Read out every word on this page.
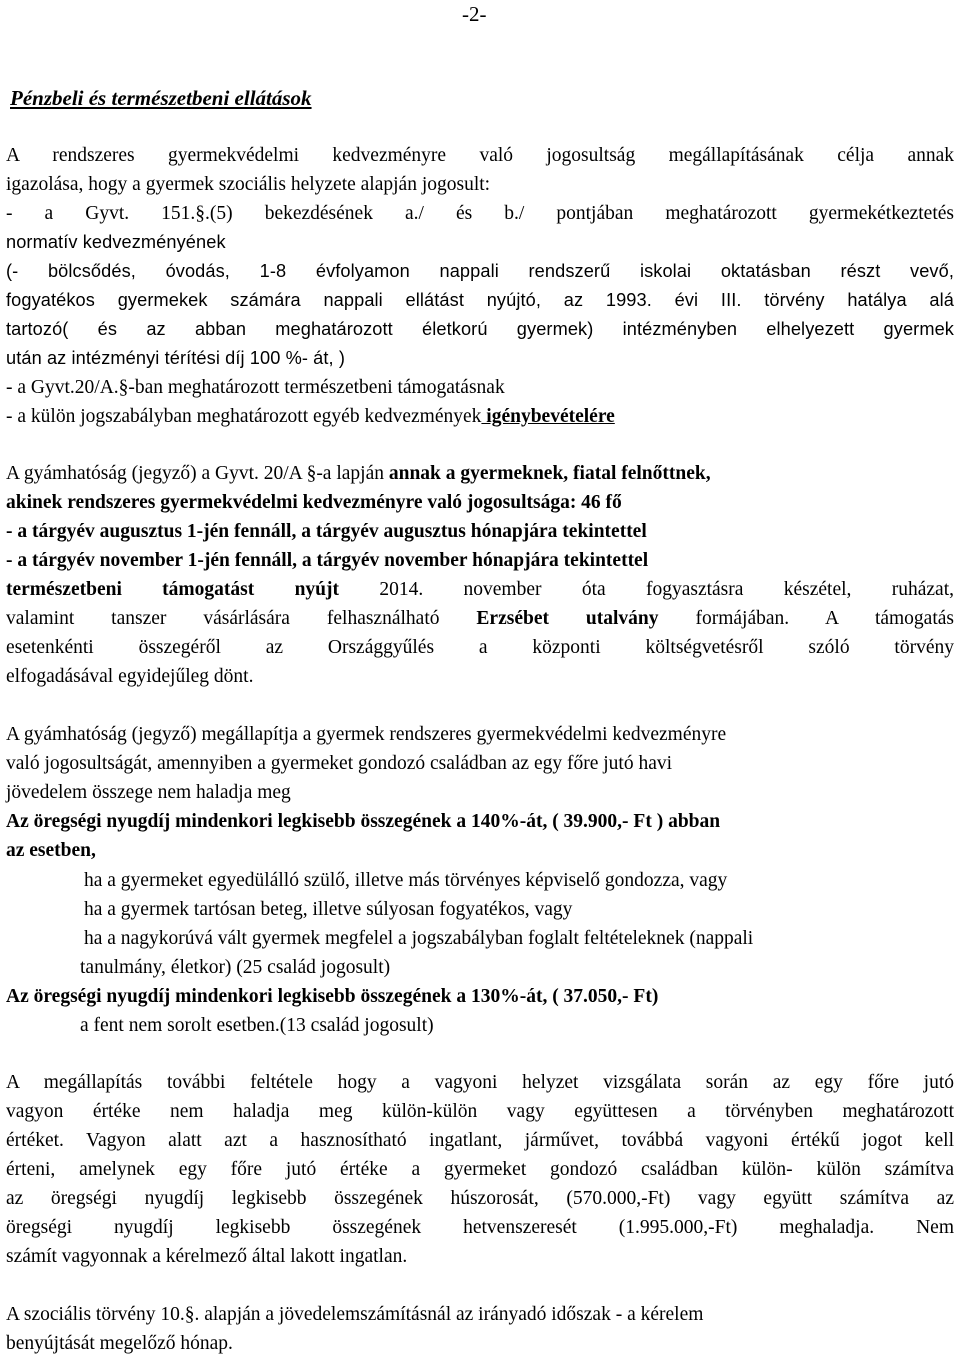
-2-
Pénzbeli és természetbeni ellátások
A rendszeres gyermekvédelmi kedvezményre való jogosultság megállapításának célja annak
igazolása, hogy a gyermek szociális helyzete alapján jogosult:
- a Gyvt. 151.§.(5) bekezdésének a./ és b./ pontjában meghatározott gyermekétkeztetés
normatív kedvezményének
(- bölcsődés, óvodás, 1-8 évfolyamon nappali rendszerű iskolai oktatásban részt vevő,
fogyatékos gyermekek számára nappali ellátást nyújtó, az 1993. évi III. törvény hatálya alá
tartozó( és az abban meghatározott életkorú gyermek) intézményben elhelyezett gyermek
után az intézményi térítési díj 100 %- át, )
- a Gyvt.20/A.§-ban meghatározott természetbeni támogatásnak
- a külön jogszabályban meghatározott egyéb kedvezmények igénybevételére
A gyámhatóság (jegyző) a Gyvt. 20/A §-a lapján annak a gyermeknek, fiatal felnőttnek,
akinek rendszeres gyermekvédelmi kedvezményre való jogosultsága: 46 fő
- a tárgyév augusztus 1-jén fennáll, a tárgyév augusztus hónapjára tekintettel
- a tárgyév november 1-jén fennáll, a tárgyév november hónapjára tekintettel
természetbeni támogatást nyújt 2014. november óta fogyasztásra készétel, ruházat,
valamint tanszer vásárlására felhasználható Erzsébet utalvány formájában. A támogatás
esetenkénti összegéről az Országgyűlés a központi költségvetésről szóló törvény
elfogadásával egyidejűleg dönt.
A gyámhatóság (jegyző) megállapítja a gyermek rendszeres gyermekvédelmi kedvezményre
való jogosultságát, amennyiben a gyermeket gondozó családban az egy főre jutó havi
jövedelem összege nem haladja meg
Az öregségi nyugdíj mindenkori legkisebb összegének a 140%-át, ( 39.900,- Ft ) abban
az esetben,
ha a gyermeket egyedülálló szülő, illetve más törvényes képviselő gondozza, vagy
ha a gyermek tartósan beteg, illetve súlyosan fogyatékos, vagy
ha a nagykorúvá vált gyermek megfelel a jogszabályban foglalt feltételeknek (nappali
tanulmány, életkor) (25 család jogosult)
Az öregségi nyugdíj mindenkori legkisebb összegének a 130%-át, ( 37.050,- Ft)
a fent nem sorolt esetben.(13 család jogosult)
A megállapítás további feltétele hogy a vagyoni helyzet vizsgálata során az egy főre jutó
vagyon értéke nem haladja meg külön-külön vagy együttesen a törvényben meghatározott
értéket. Vagyon alatt azt a hasznosítható ingatlant, járművet, továbbá vagyoni értékű jogot kell
érteni, amelynek egy főre jutó értéke a gyermeket gondozó családban külön- külön számítva
az öregségi nyugdíj legkisebb összegének húszorosát, (570.000,-Ft) vagy együtt számítva az
öregségi nyugdíj legkisebb összegének hetvenszeresét (1.995.000,-Ft) meghaladja. Nem
számít vagyonnak a kérelmező által lakott ingatlan.
A szociális törvény 10.§. alapján a jövedelemszámításnál az irányadó időszak - a kérelem
benyújtását megelőző hónap.
